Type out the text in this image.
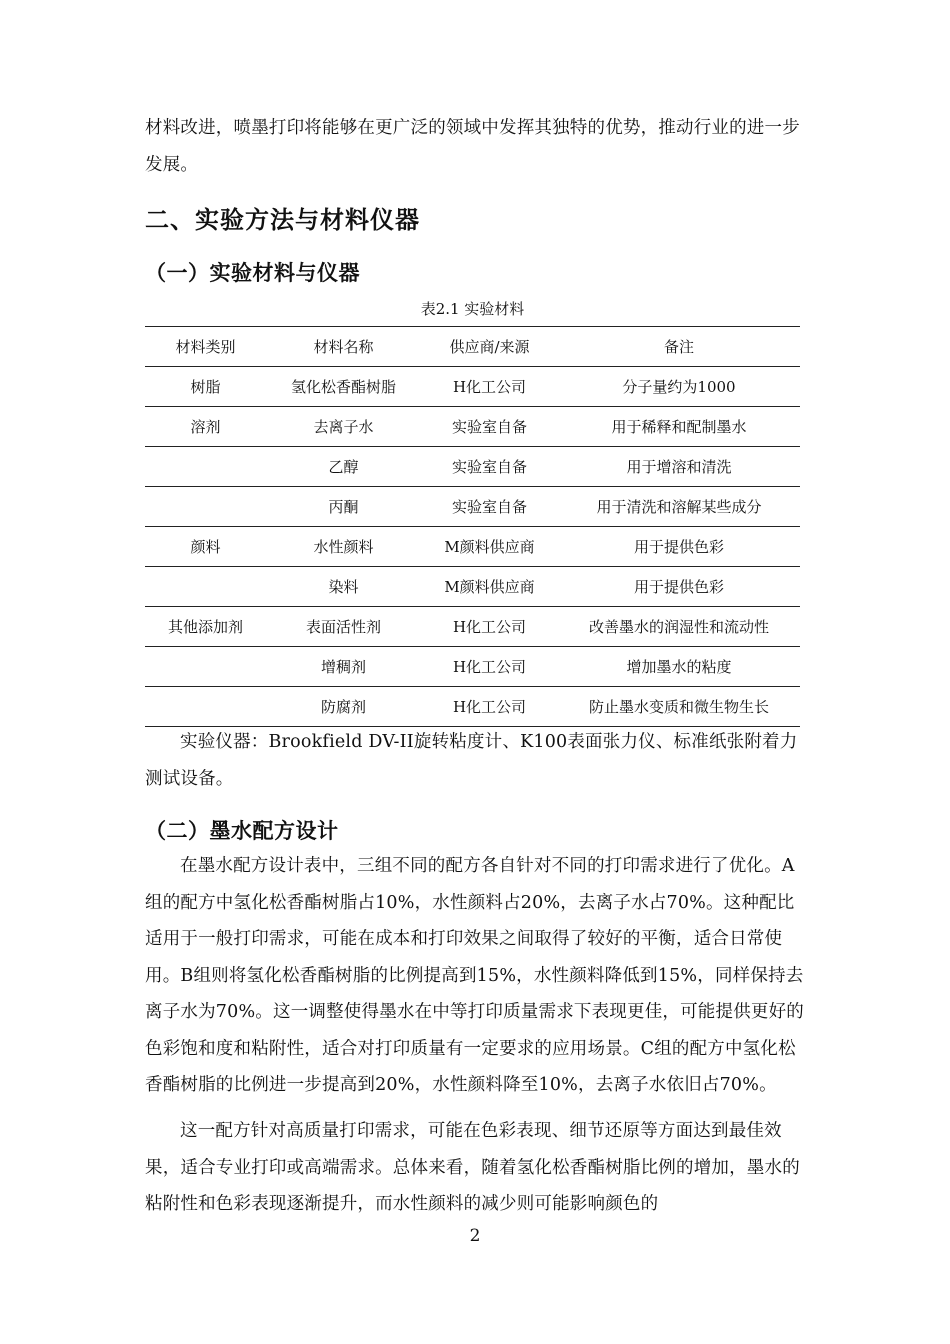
材料改进，喷墨打印将能够在更广泛的领域中发挥其独特的优势，推动行业的进一步发展。

二、实验方法与材料仪器
（一）实验材料与仪器
表2.1 实验材料
材料类别	材料名称	供应商/来源	备注
树脂	氢化松香酯树脂	H化工公司	分子量约为1000
溶剂	去离子水	实验室自备	用于稀释和配制墨水
	乙醇	实验室自备	用于增溶和清洗
	丙酮	实验室自备	用于清洗和溶解某些成分
颜料	水性颜料	M颜料供应商	用于提供色彩
	染料	M颜料供应商	用于提供色彩
其他添加剂	表面活性剂	H化工公司	改善墨水的润湿性和流动性
	增稠剂	H化工公司	增加墨水的粘度
	防腐剂	H化工公司	防止墨水变质和微生物生长

实验仪器：Brookfield DV-II旋转粘度计、K100表面张力仪、标准纸张附着力测试设备。

（二）墨水配方设计

在墨水配方设计表中，三组不同的配方各自针对不同的打印需求进行了优化。A组的配方中氢化松香酯树脂占10%，水性颜料占20%，去离子水占70%。这种配比适用于一般打印需求，可能在成本和打印效果之间取得了较好的平衡，适合日常使用。B组则将氢化松香酯树脂的比例提高到15%，水性颜料降低到15%，同样保持去离子水为70%。这一调整使得墨水在中等打印质量需求下表现更佳，可能提供更好的色彩饱和度和粘附性，适合对打印质量有一定要求的应用场景。C组的配方中氢化松香酯树脂的比例进一步提高到20%，水性颜料降至10%，去离子水依旧占70%。

这一配方针对高质量打印需求，可能在色彩表现、细节还原等方面达到最佳效果，适合专业打印或高端需求。总体来看，随着氢化松香酯树脂比例的增加，墨水的粘附性和色彩表现逐渐提升，而水性颜料的减少则可能影响颜色的

2
